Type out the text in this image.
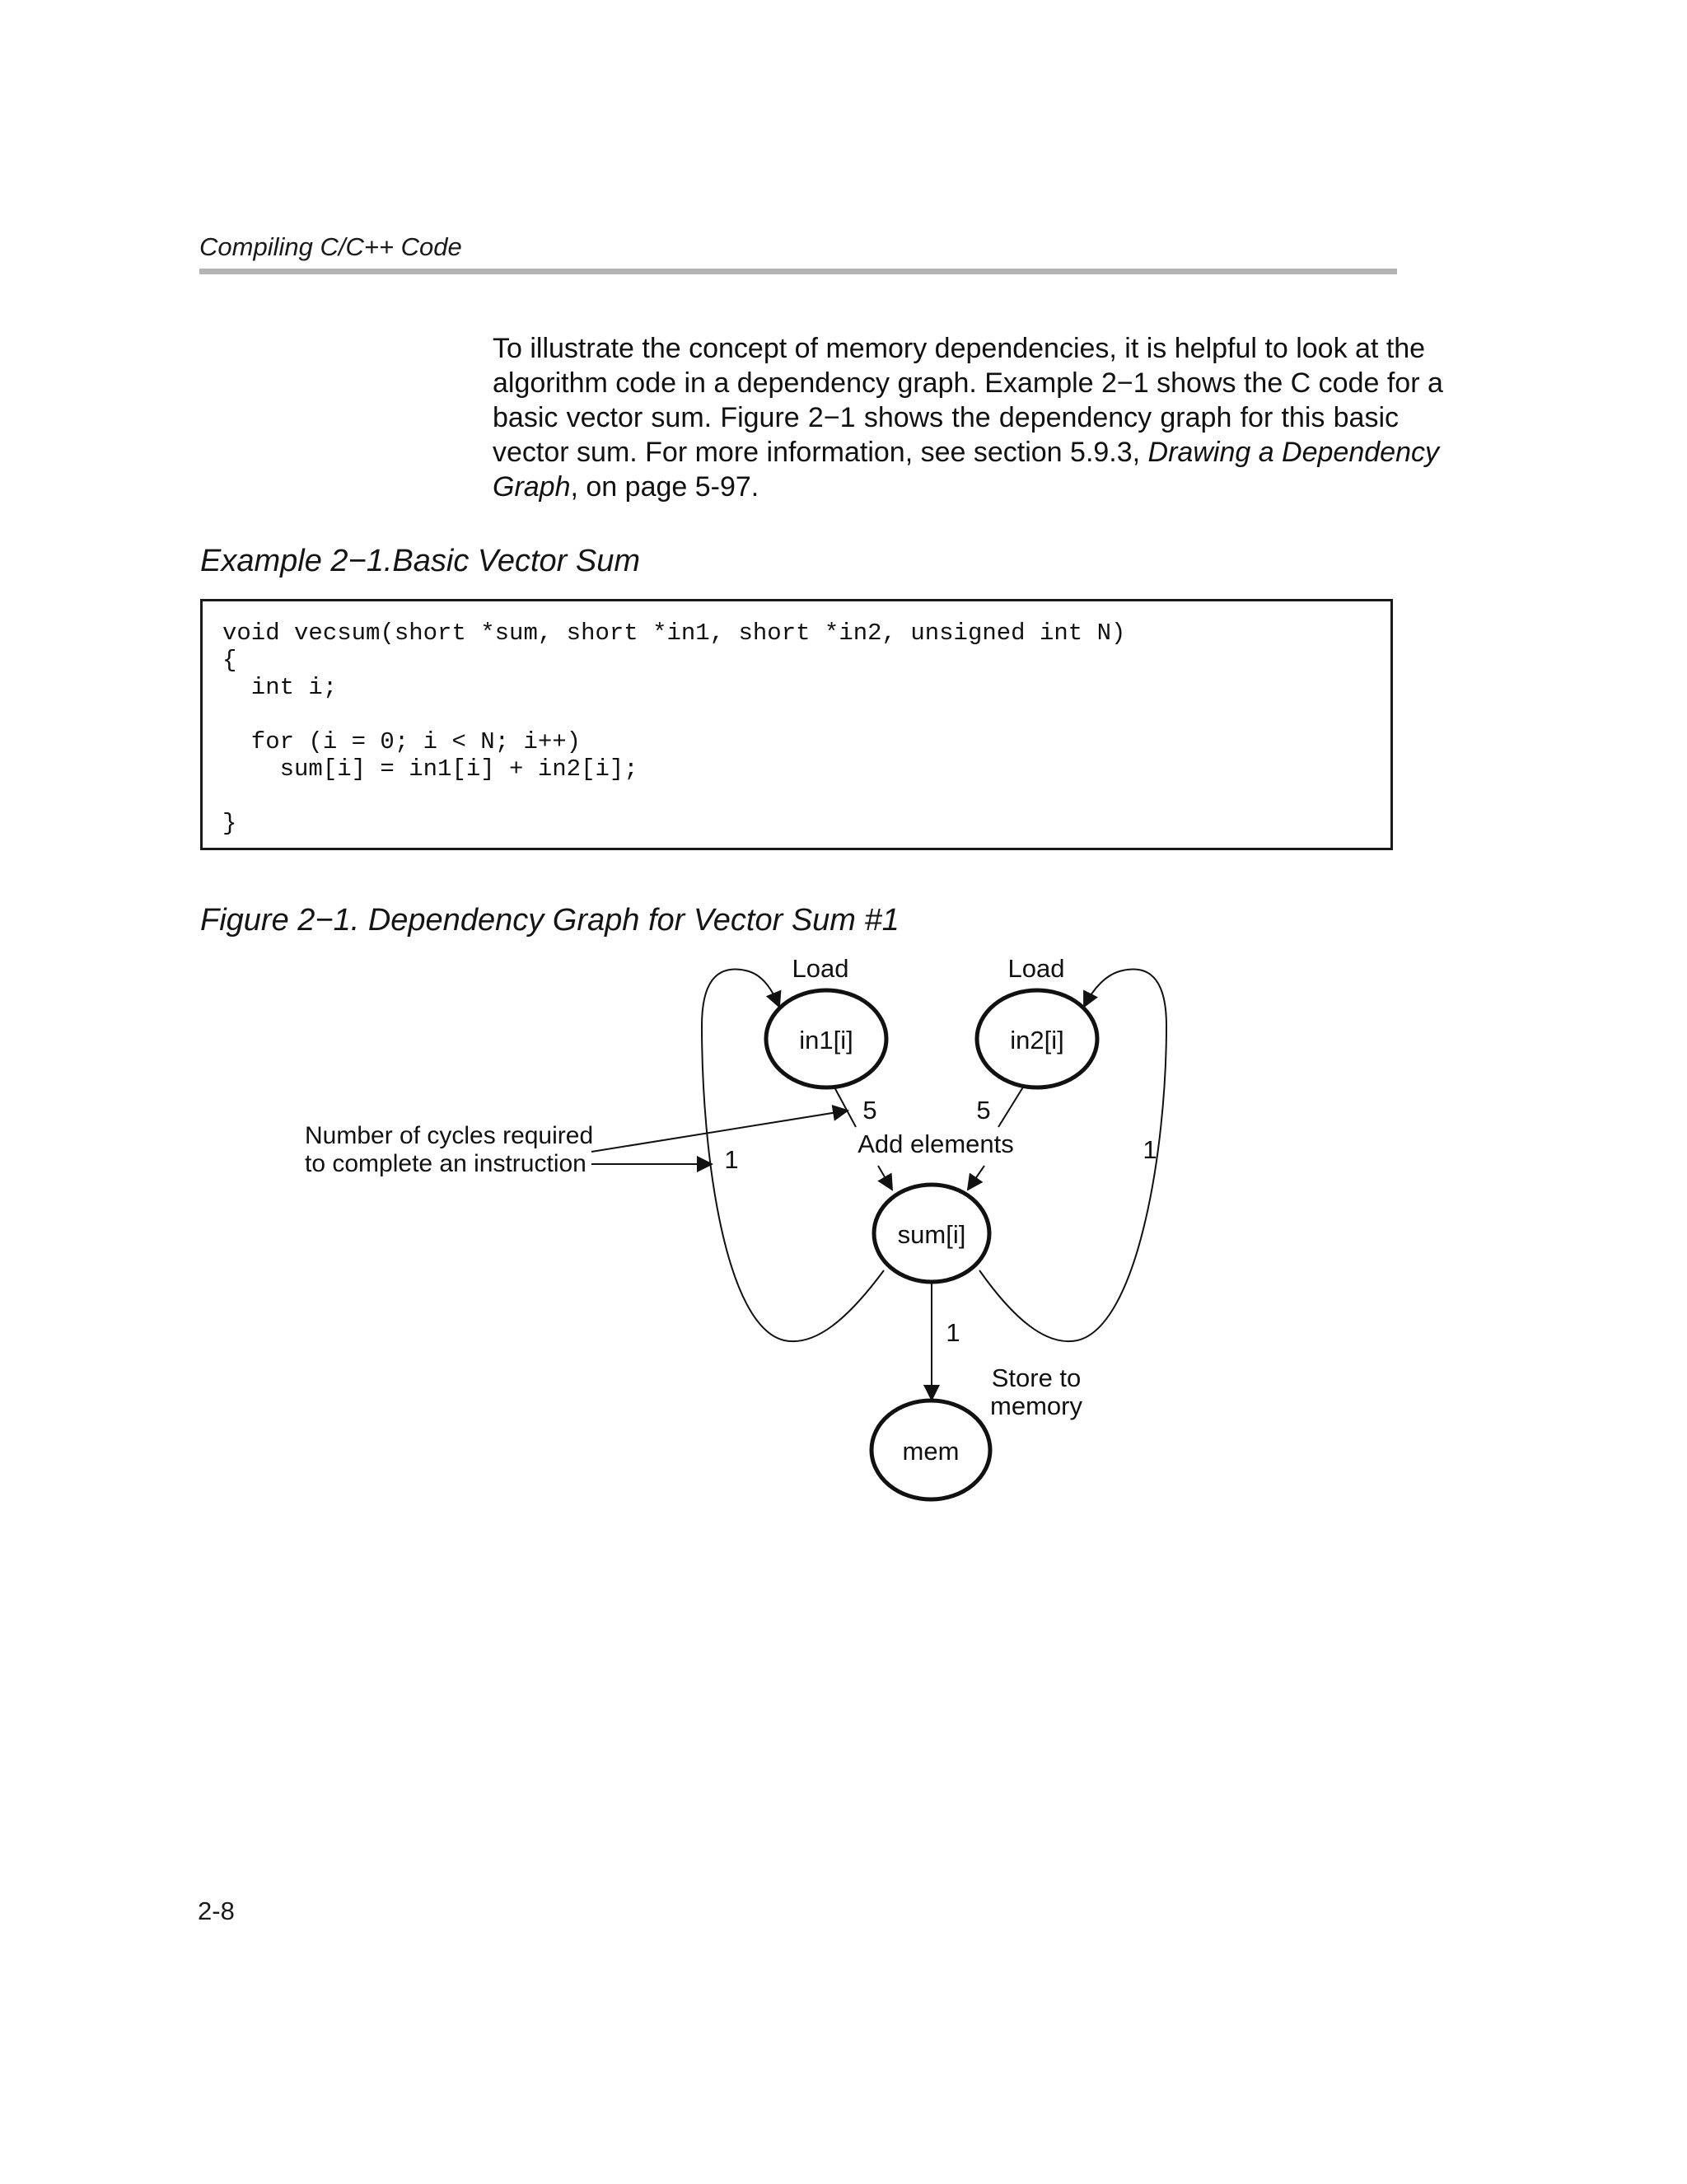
Compiling C/C++ Code
To illustrate the concept of memory dependencies, it is helpful to look at the
algorithm code in a dependency graph. Example 2−1 shows the C code for a
basic vector sum. Figure 2−1 shows the dependency graph for this basic
vector sum. For more information, see section 5.9.3, Drawing a Dependency
Graph, on page 5-97.
Example 2−1.Basic Vector Sum
void vecsum(short *sum, short *in1, short *in2, unsigned int N)
{
int i;

for (i = 0; i < N; i++)
sum[i] = in1[i] + in2[i];

}
Figure 2−1. Dependency Graph for Vector Sum #1
in1[i]	in2[i]
sum[i]
mem
Load	Load
5	5
Add elements
1	1
1
Store to
memory
Number of cycles required
to complete an instruction
2-8
